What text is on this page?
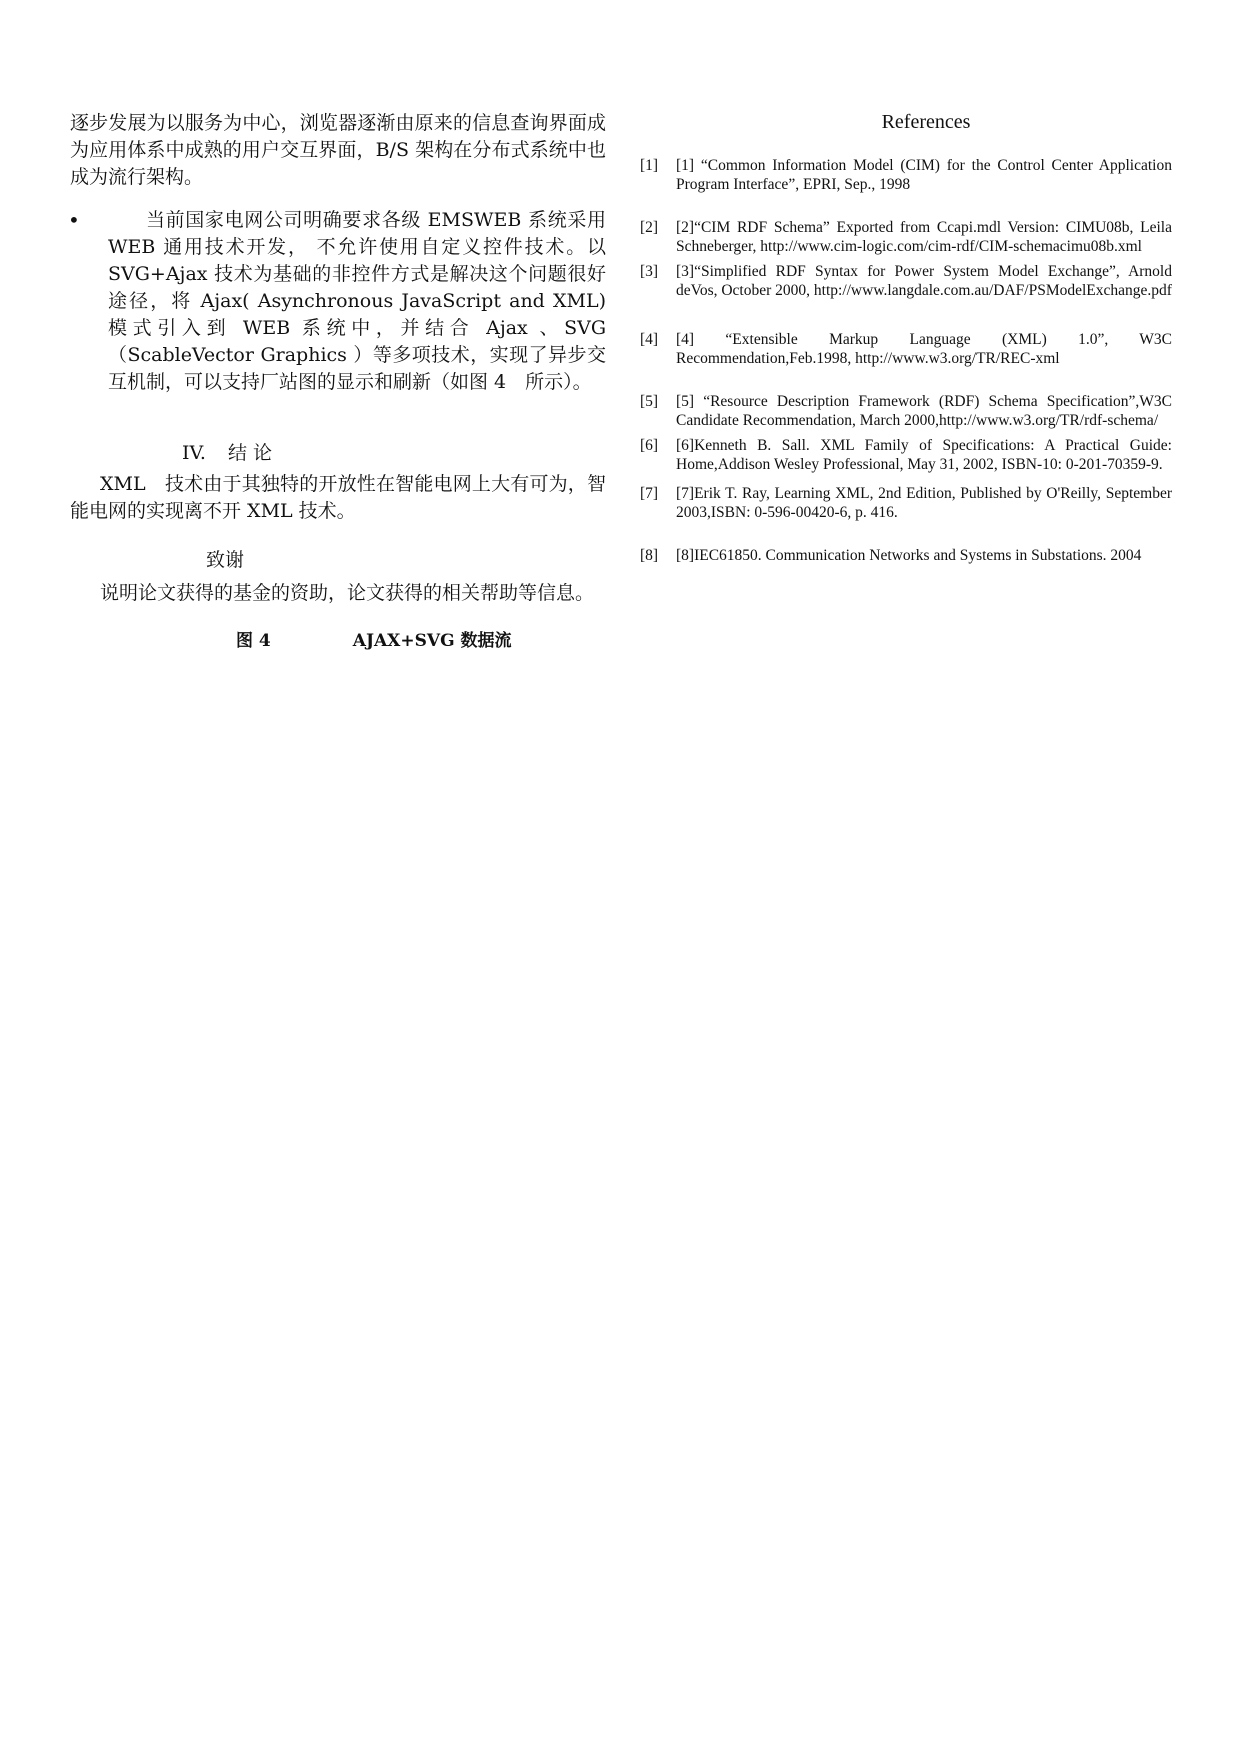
逐步发展为以服务为中心，浏览器逐渐由原来的信息查询界面成为应用体系中成熟的用户交互界面，B/S 架构在分布式系统中也成为流行架构。

•	当前国家电网公司明确要求各级 EMSWEB 系统采用 WEB 通用技术开发， 不允许使用自定义控件技术。以 SVG+Ajax 技术为基础的非控件方式是解决这个问题很好途径，将 Ajax( Asynchronous JavaScript and XML) 模式引入到 WEB 系统中，并结合 Ajax 、SVG（ScableVector Graphics ）等多项技术，实现了异步交互机制，可以支持厂站图的显示和刷新（如图 4　所示）。

IV. 结 论

XML　技术由于其独特的开放性在智能电网上大有可为，智能电网的实现离不开 XML 技术。

致谢

说明论文获得的基金的资助，论文获得的相关帮助等信息。

图 4	AJAX+SVG 数据流
References
[1]	[1] “Common Information Model (CIM) for the Control Center Application Program Interface”, EPRI, Sep., 1998
[2]	[2]“CIM RDF Schema” Exported from Ccapi.mdl Version: CIMU08b, Leila Schneberger, http://www.cim-logic.com/cim-rdf/CIM-schemacimu08b.xml
[3]	[3]“Simplified RDF Syntax for Power System Model Exchange”, Arnold deVos, October 2000, http://www.langdale.com.au/DAF/PSModelExchange.pdf
[4]	[4] “Extensible Markup Language (XML) 1.0”, W3C Recommendation,Feb.1998, http://www.w3.org/TR/REC-xml
[5]	[5] “Resource Description Framework (RDF) Schema Specification”,W3C Candidate Recommendation, March 2000,http://www.w3.org/TR/rdf-schema/
[6]	[6]Kenneth B. Sall. XML Family of Specifications: A Practical Guide: Home,Addison Wesley Professional, May 31, 2002, ISBN-10: 0-201-70359-9.
[7]	[7]Erik T. Ray, Learning XML, 2nd Edition, Published by O'Reilly, September 2003,ISBN: 0-596-00420-6, p. 416.
[8]	[8]IEC61850. Communication Networks and Systems in Substations. 2004
